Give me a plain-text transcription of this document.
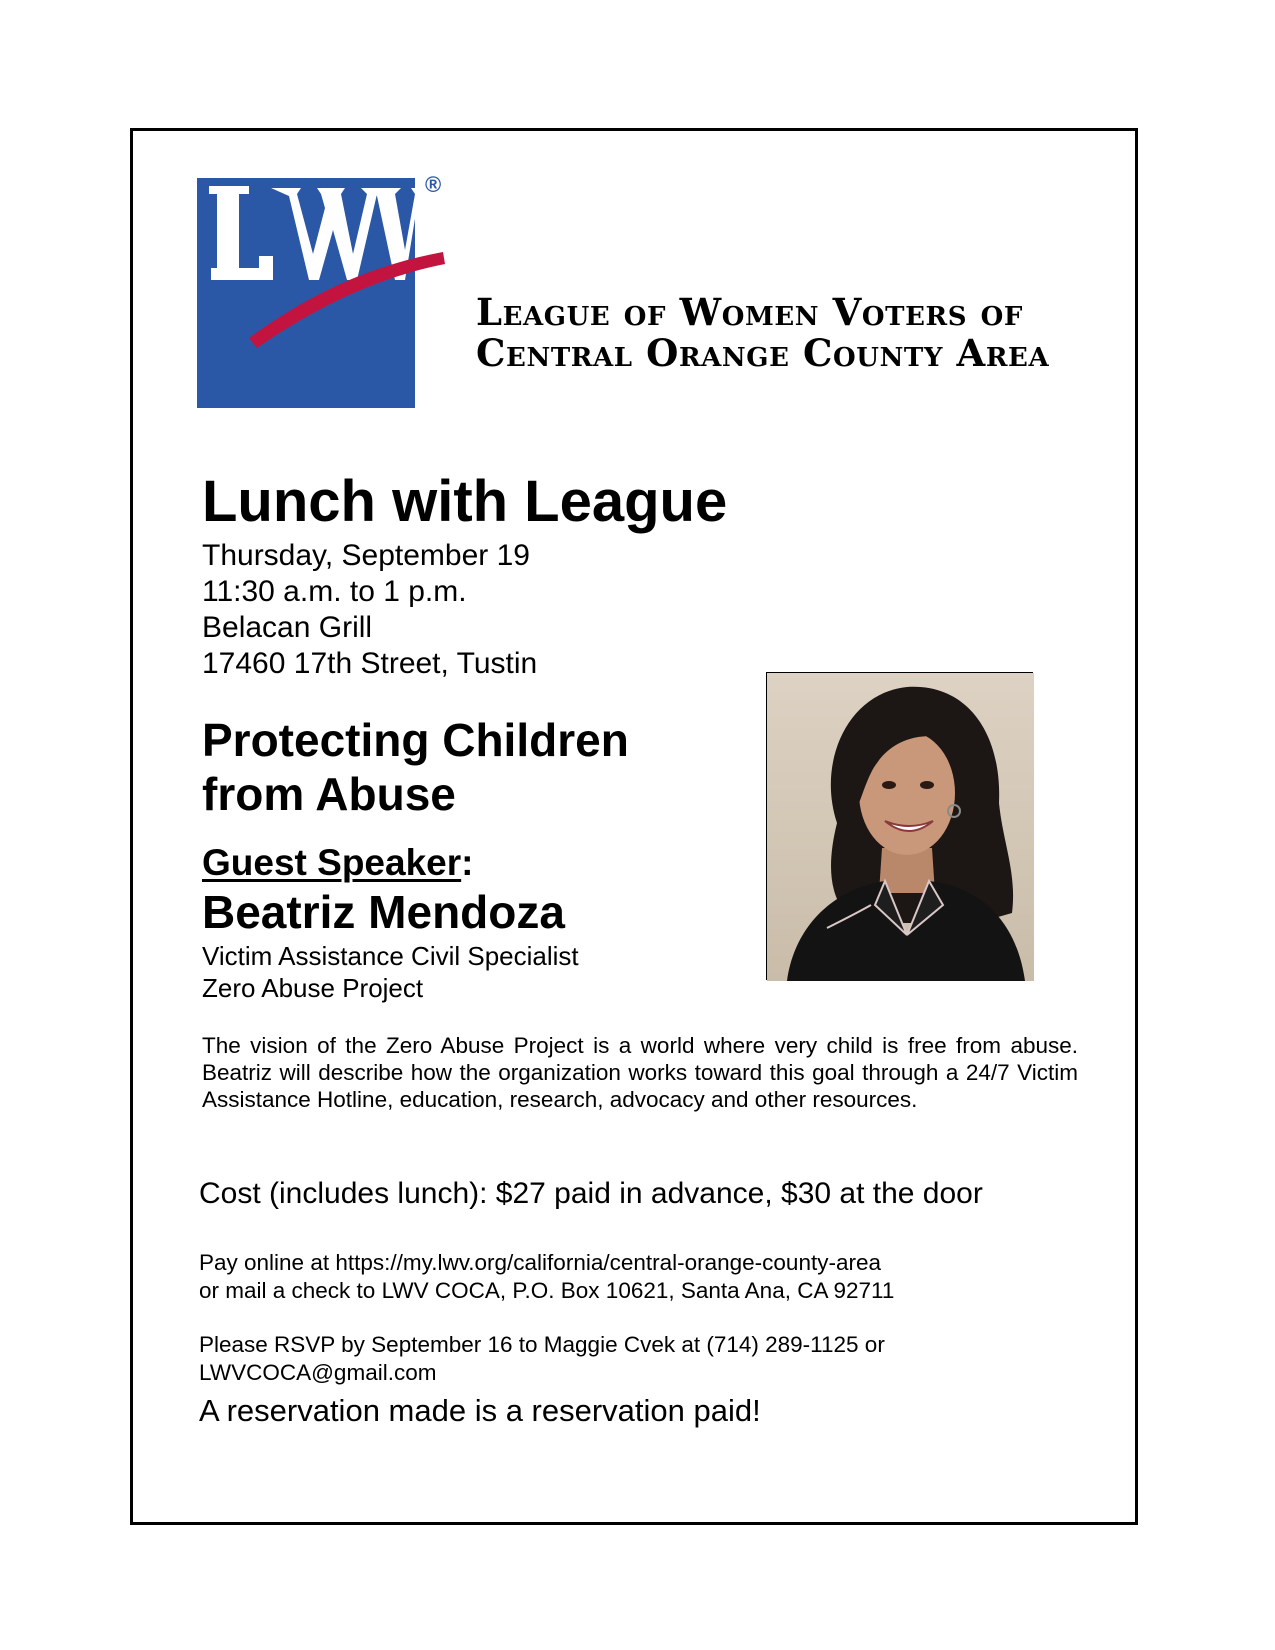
®
League of Women Voters of
Central Orange County Area
Lunch with League
Thursday, September 19
11:30 a.m. to 1 p.m.
Belacan Grill
17460 17th Street, Tustin
Protecting Children
from Abuse
Guest Speaker:
Beatriz Mendoza
Victim Assistance Civil Specialist
Zero Abuse Project
The vision of the Zero Abuse Project is a world where very child is free from abuse. Beatriz will describe how the organization works toward this goal through a 24/7 Victim Assistance Hotline, education, research, advocacy and other resources.
Cost (includes lunch): $27 paid in advance, $30 at the door
Pay online at https://my.lwv.org/california/central-orange-county-area
or mail a check to LWV COCA, P.O. Box 10621, Santa Ana, CA 92711
Please RSVP by September 16 to Maggie Cvek at (714) 289-1125 or
LWVCOCA@gmail.com
A reservation made is a reservation paid!
